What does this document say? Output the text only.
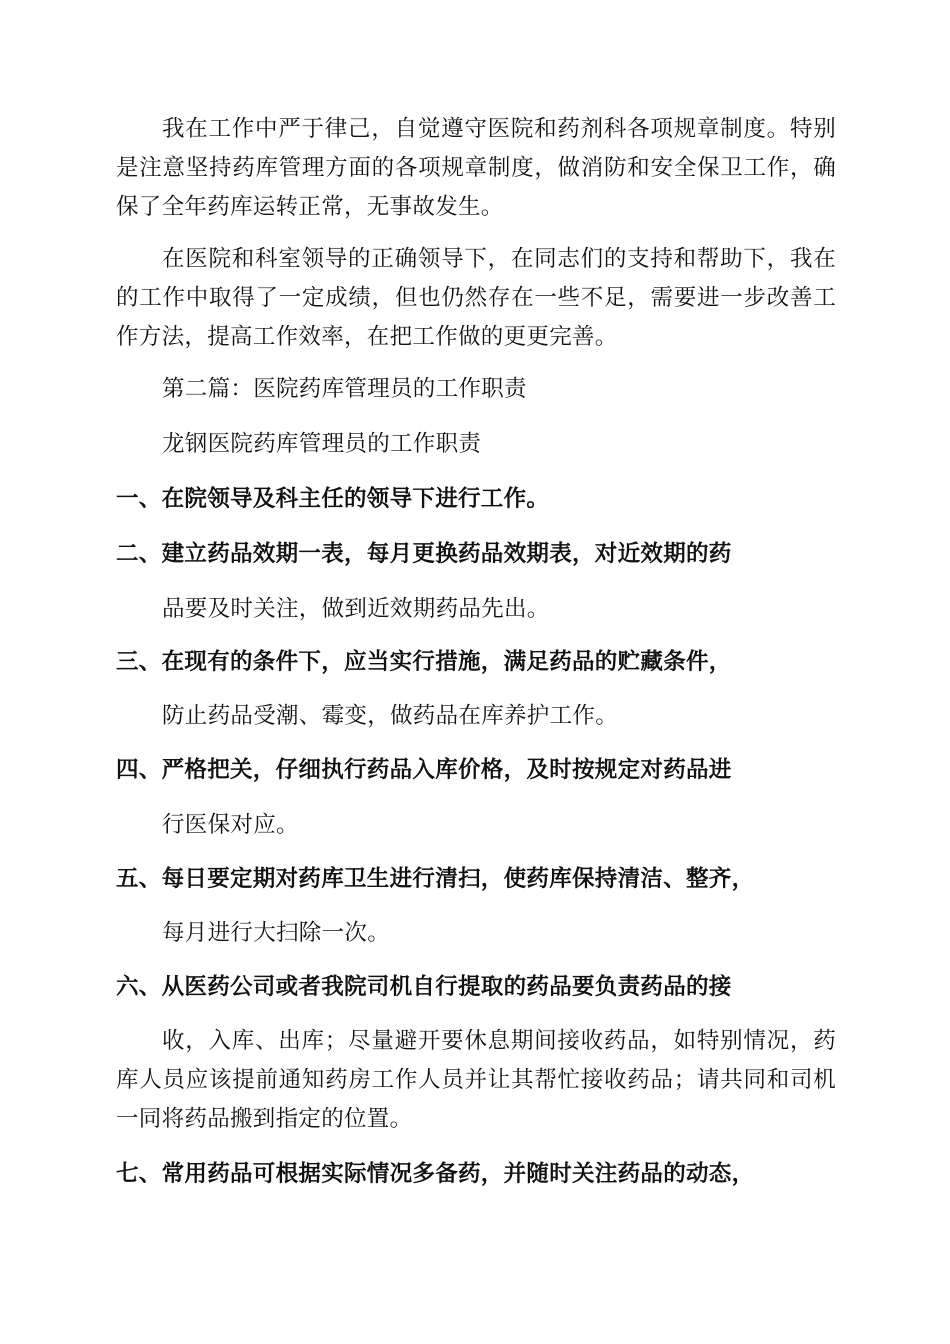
我在工作中严于律己，自觉遵守医院和药剂科各项规章制度。特别是注意坚持药库管理方面的各项规章制度，做消防和安全保卫工作，确保了全年药库运转正常，无事故发生。

在医院和科室领导的正确领导下，在同志们的支持和帮助下，我在的工作中取得了一定成绩，但也仍然存在一些不足，需要进一步改善工作方法，提高工作效率，在把工作做的更更完善。

第二篇：医院药库管理员的工作职责

龙钢医院药库管理员的工作职责

一、在院领导及科主任的领导下进行工作。

二、建立药品效期一表，每月更换药品效期表，对近效期的药

品要及时关注，做到近效期药品先出。

三、在现有的条件下，应当实行措施，满足药品的贮藏条件，

防止药品受潮、霉变，做药品在库养护工作。

四、严格把关，仔细执行药品入库价格，及时按规定对药品进

行医保对应。

五、每日要定期对药库卫生进行清扫，使药库保持清洁、整齐，

每月进行大扫除一次。

六、从医药公司或者我院司机自行提取的药品要负责药品的接

收，入库、出库；尽量避开要休息期间接收药品，如特别情况，药库人员应该提前通知药房工作人员并让其帮忙接收药品；请共同和司机一同将药品搬到指定的位置。

七、常用药品可根据实际情况多备药，并随时关注药品的动态，
